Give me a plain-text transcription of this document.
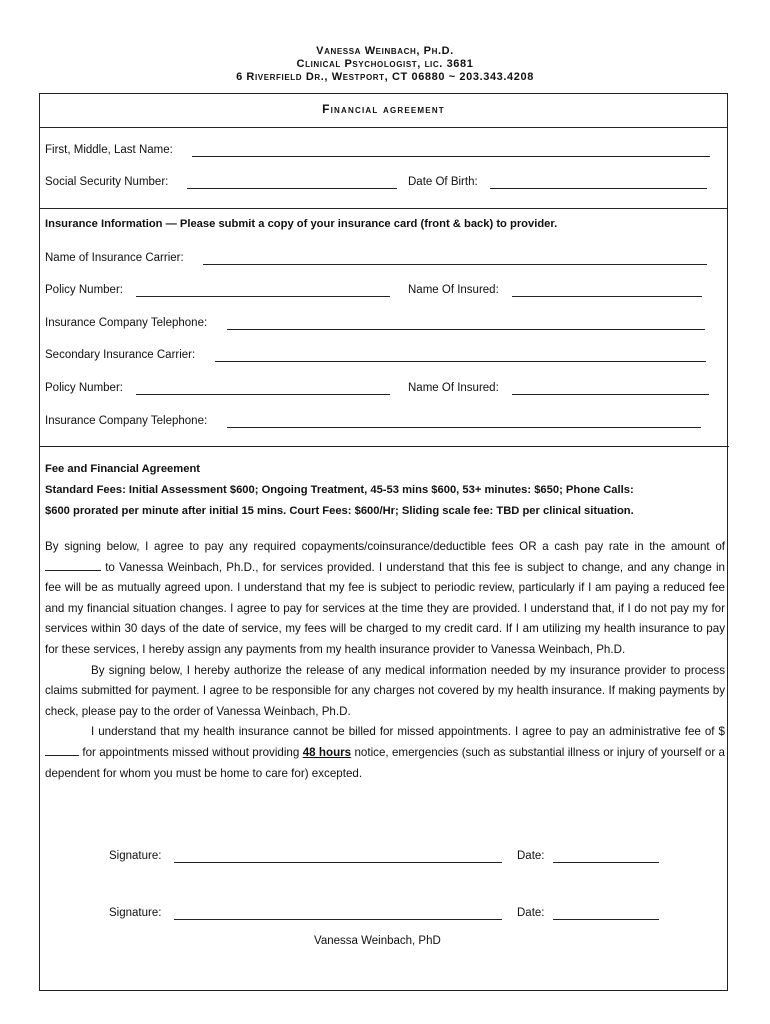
Vanessa Weinbach, Ph.D.
Clinical Psychologist, lic. 3681
6 Riverfield Dr., Westport, CT 06880 ~ 203.343.4208
Financial agreement
First, Middle, Last Name:
Social Security Number:	Date Of Birth:
Insurance Information — Please submit a copy of your insurance card (front & back) to provider.
Name of Insurance Carrier:
Policy Number:	Name Of Insured:
Insurance Company Telephone:
Secondary Insurance Carrier:
Policy Number:	Name Of Insured:
Insurance Company Telephone:
Fee and Financial Agreement
Standard Fees: Initial Assessment $600; Ongoing Treatment, 45-53 mins $600, 53+ minutes: $650; Phone Calls:
$600 prorated per minute after initial 15 mins. Court Fees: $600/Hr; Sliding scale fee: TBD per clinical situation.

By signing below, I agree to pay any required copayments/coinsurance/deductible fees OR a cash pay rate in the amount of  to Vanessa Weinbach, Ph.D., for services provided. I understand that this fee is subject to change, and any change in fee will be as mutually agreed upon. I understand that my fee is subject to periodic review, particularly if I am paying a reduced fee and my financial situation changes. I agree to pay for services at the time they are provided. I understand that, if I do not pay my for services within 30 days of the date of service, my fees will be charged to my credit card. If I am utilizing my health insurance to pay for these services, I hereby assign any payments from my health insurance provider to Vanessa Weinbach, Ph.D.

By signing below, I hereby authorize the release of any medical information needed by my insurance provider to process claims submitted for payment. I agree to be responsible for any charges not covered by my health insurance. If making payments by check, please pay to the order of Vanessa Weinbach, Ph.D.

I understand that my health insurance cannot be billed for missed appointments. I agree to pay an administrative fee of $ for appointments missed without providing 48 hours notice, emergencies (such as substantial illness or injury of yourself or a dependent for whom you must be home to care for) excepted.

Signature:	Date:
Signature:	Date:
Vanessa Weinbach, PhD
